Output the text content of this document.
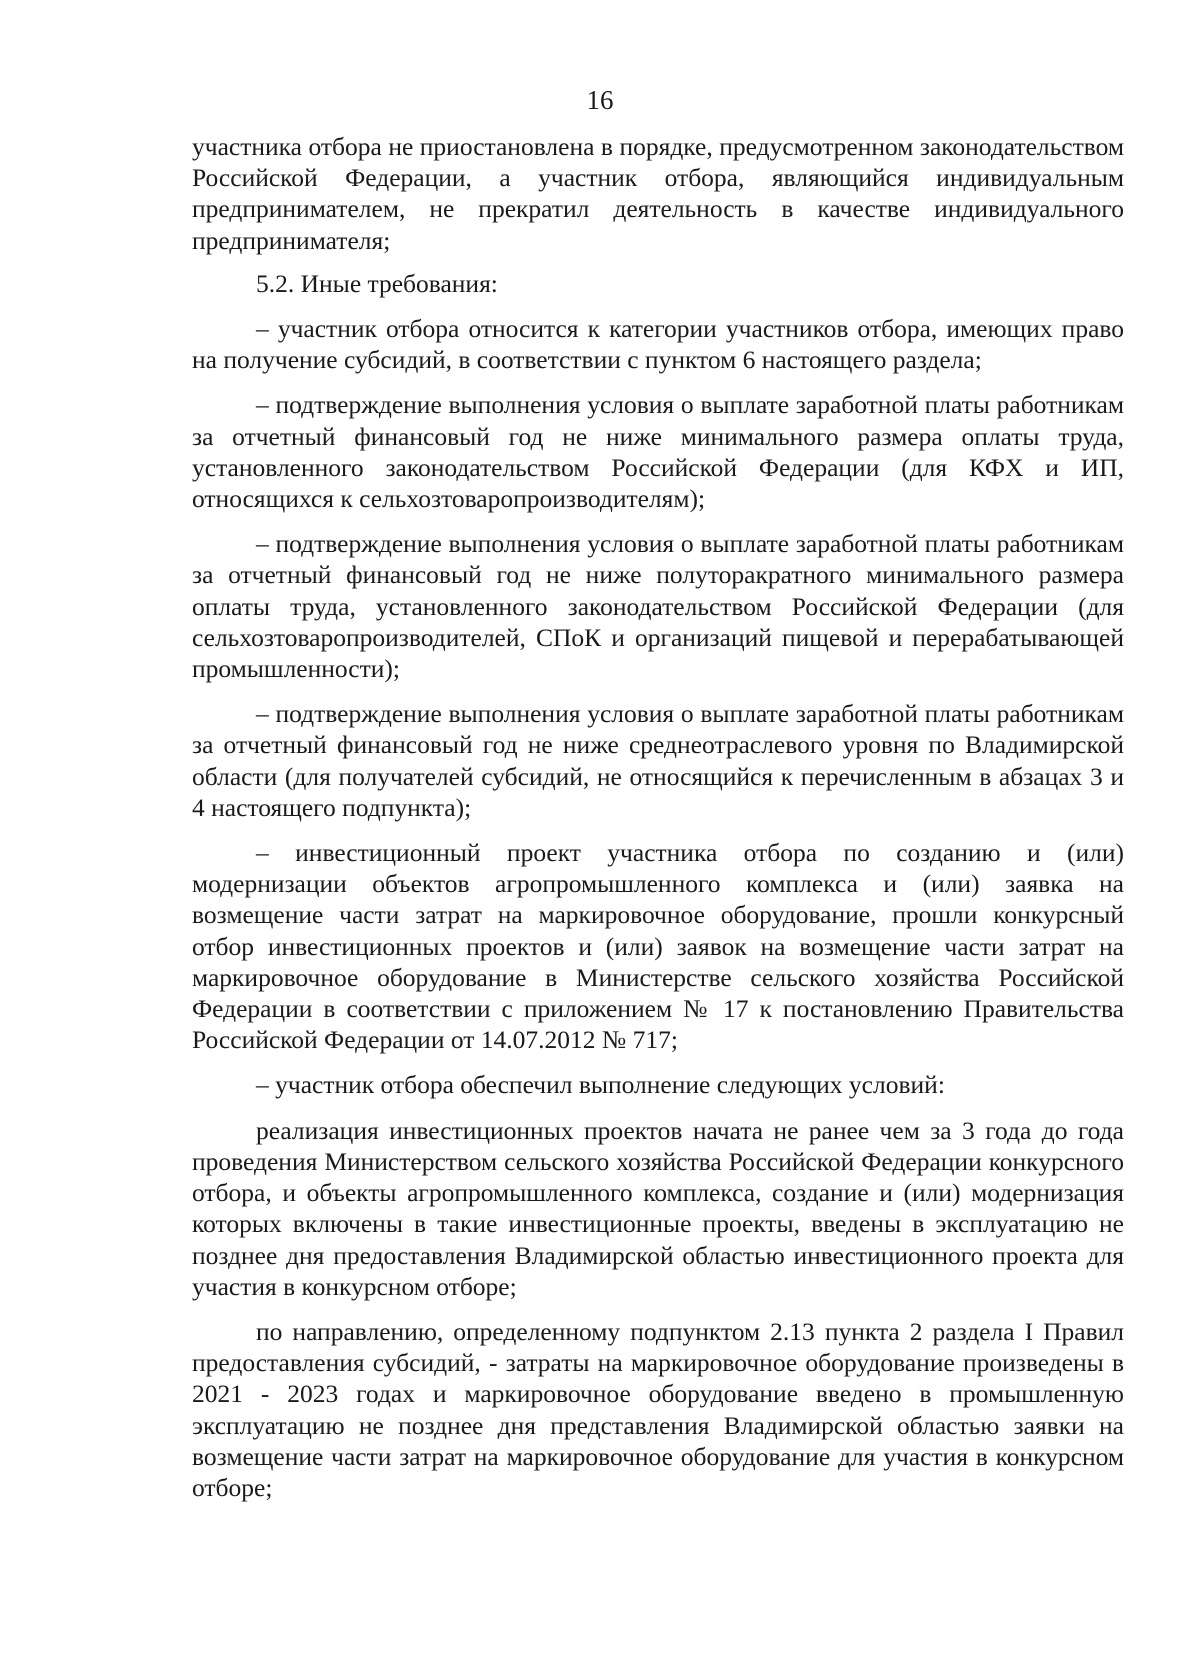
16

участника отбора не приостановлена в порядке, предусмотренном законодательством Российской Федерации, а участник отбора, являющийся индивидуальным предпринимателем, не прекратил деятельность в качестве индивидуального предпринимателя;

5.2. Иные требования:

– участник отбора относится к категории участников отбора, имеющих право на получение субсидий, в соответствии с пунктом 6 настоящего раздела;

– подтверждение выполнения условия о выплате заработной платы работникам за отчетный финансовый год не ниже минимального размера оплаты труда, установленного законодательством Российской Федерации (для КФХ и ИП, относящихся к сельхозтоваропроизводителям);

– подтверждение выполнения условия о выплате заработной платы работникам за отчетный финансовый год не ниже полуторакратного минимального размера оплаты труда, установленного законодательством Российской Федерации (для сельхозтоваропроизводителей, СПоК и организаций пищевой и перерабатывающей промышленности);

– подтверждение выполнения условия о выплате заработной платы работникам за отчетный финансовый год не ниже среднеотраслевого уровня по Владимирской области (для получателей субсидий, не относящийся к перечисленным в абзацах 3 и 4 настоящего подпункта);

– инвестиционный проект участника отбора по созданию и (или) модернизации объектов агропромышленного комплекса и (или) заявка на возмещение части затрат на маркировочное оборудование, прошли конкурсный отбор инвестиционных проектов и (или) заявок на возмещение части затрат на маркировочное оборудование в Министерстве сельского хозяйства Российской Федерации в соответствии с приложением № 17 к постановлению Правительства Российской Федерации от 14.07.2012 № 717;

– участник отбора обеспечил выполнение следующих условий:

реализация инвестиционных проектов начата не ранее чем за 3 года до года проведения Министерством сельского хозяйства Российской Федерации конкурсного отбора, и объекты агропромышленного комплекса, создание и (или) модернизация которых включены в такие инвестиционные проекты, введены в эксплуатацию не позднее дня предоставления Владимирской областью инвестиционного проекта для участия в конкурсном отборе;

по направлению, определенному подпунктом 2.13 пункта 2 раздела I Правил предоставления субсидий, - затраты на маркировочное оборудование произведены в 2021 - 2023 годах и маркировочное оборудование введено в промышленную эксплуатацию не позднее дня представления Владимирской областью заявки на возмещение части затрат на маркировочное оборудование для участия в конкурсном отборе;
